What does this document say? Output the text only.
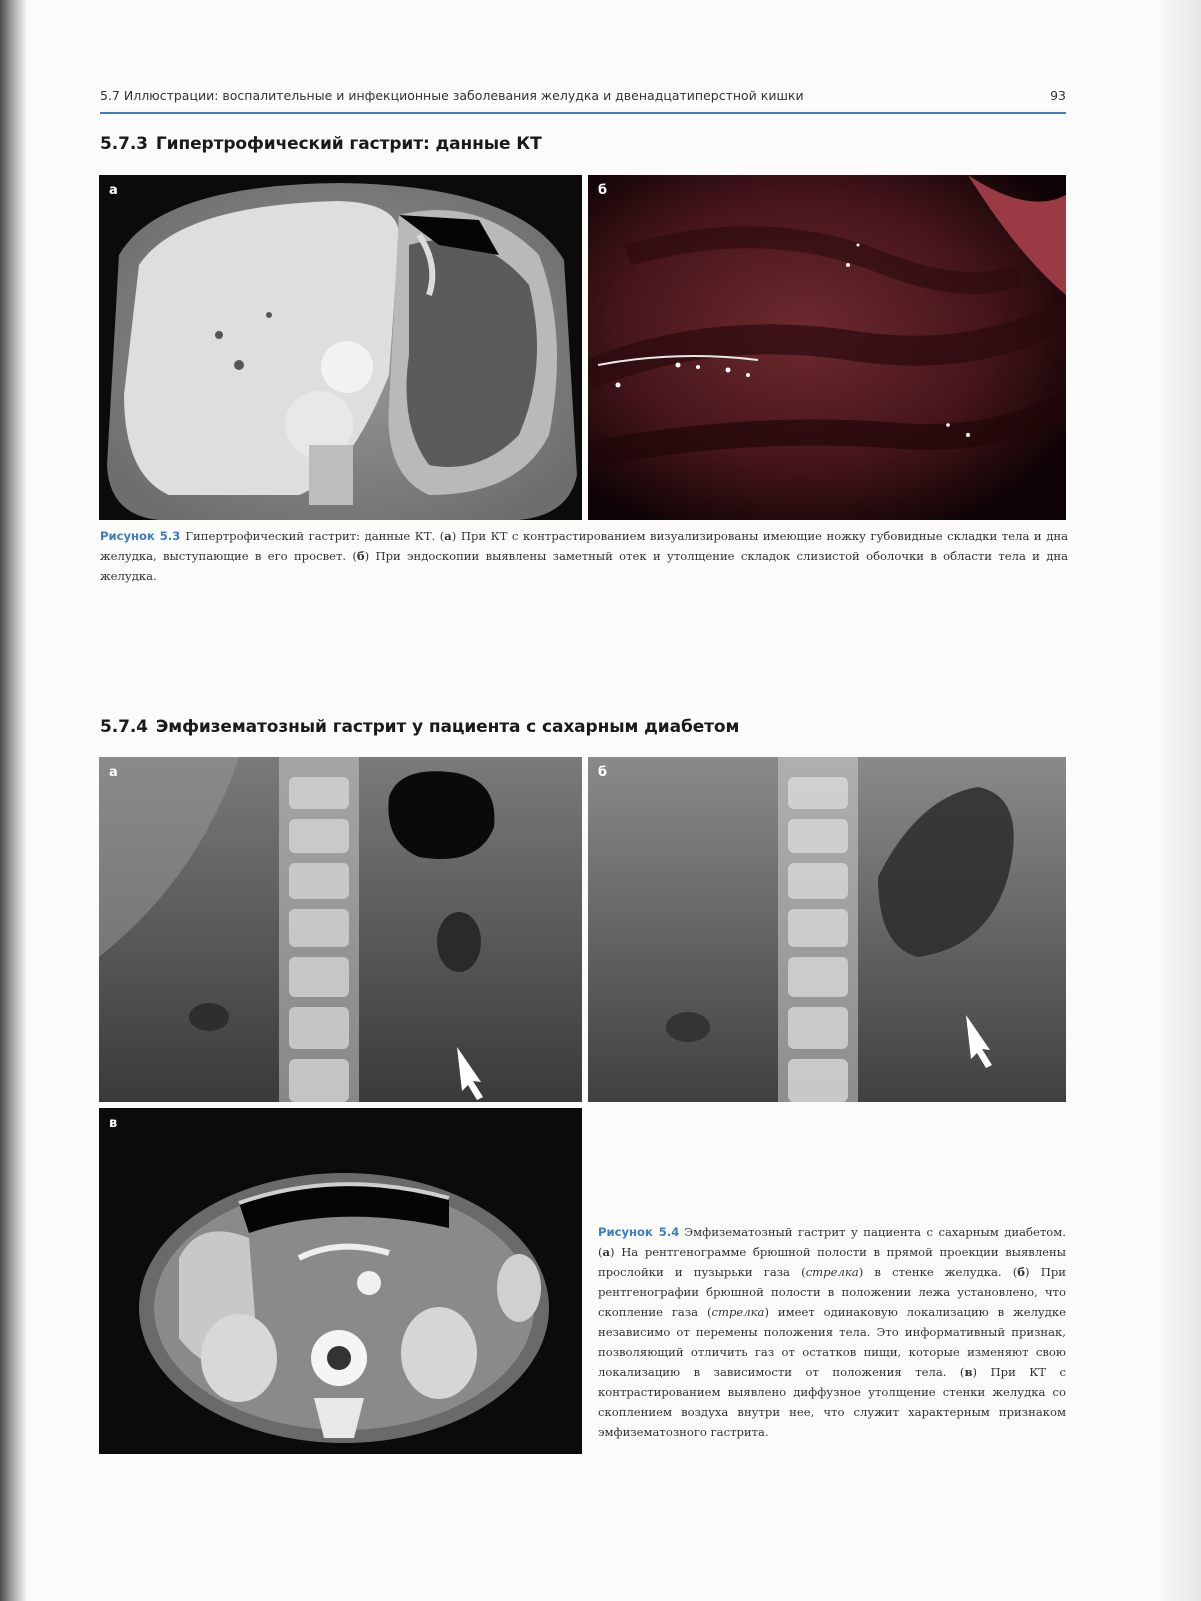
5.7 Иллюстрации: воспалительные и инфекционные заболевания желудка и двенадцатиперстной кишки	93
5.7.3 Гипертрофический гастрит: данные КТ
а	б
Рисунок 5.3 Гипертрофический гастрит: данные КТ. (а) При КТ с контрастированием визуализированы имеющие ножку губовидные складки тела и дна желудка, выступающие в его просвет. (б) При эндоскопии выявлены заметный отек и утолщение складок слизистой оболочки в области тела и дна желудка.
5.7.4 Эмфизематозный гастрит у пациента с сахарным диабетом
а	б
в
Рисунок 5.4 Эмфизематозный гастрит у пациента с сахарным диабетом. (а) На рентгенограмме брюшной полости в прямой проекции выявлены прослойки и пузырьки газа (стрелка) в стенке желудка. (б) При рентгенографии брюшной полости в положении лежа установлено, что скопление газа (стрелка) имеет одинаковую локализацию в желудке независимо от перемены положения тела. Это информативный признак, позволяющий отличить газ от остатков пищи, которые изменяют свою локализацию в зависимости от положения тела. (в) При КТ с контрастированием выявлено диффузное утолщение стенки желудка со скоплением воздуха внутри нее, что служит характерным признаком эмфизематозного гастрита.
